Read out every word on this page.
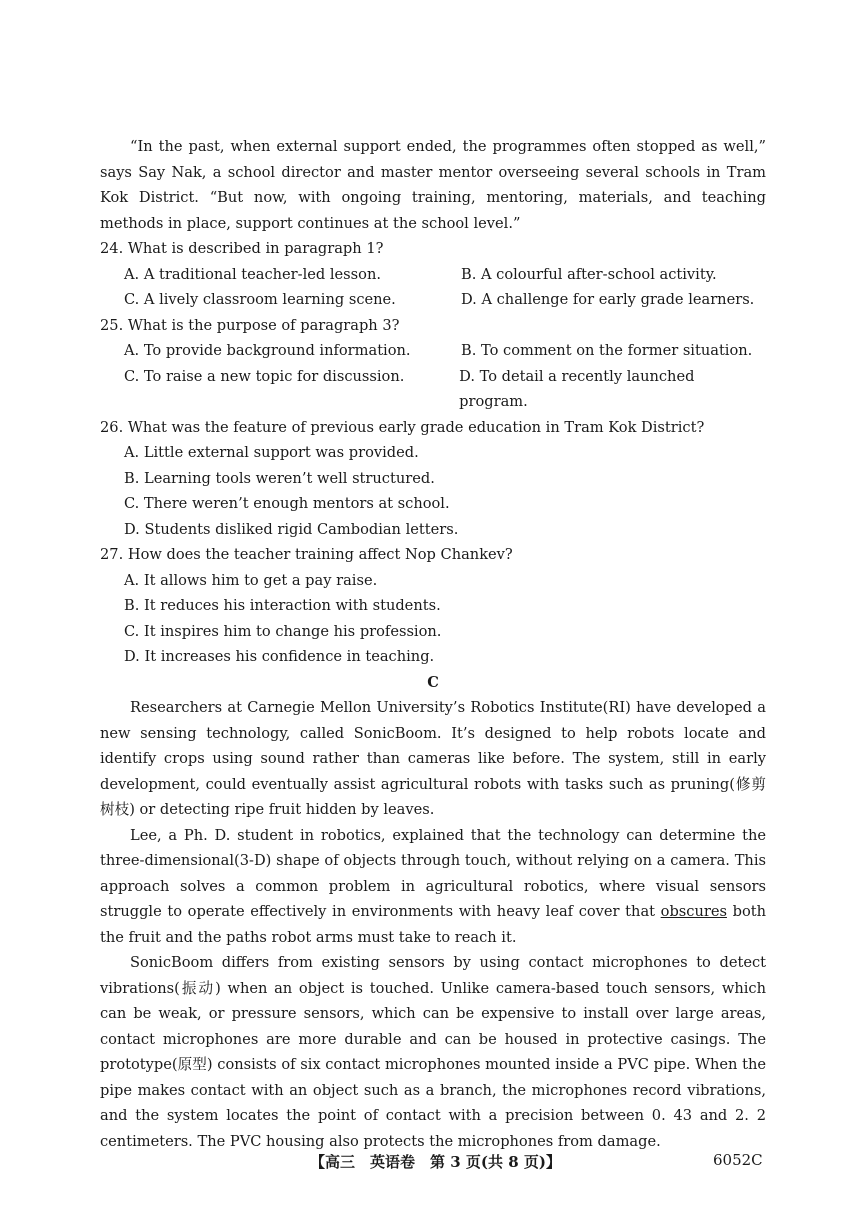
“In the past, when external support ended, the programmes often stopped as well,” says Say Nak, a school director and master mentor overseeing several schools in Tram Kok District. “But now, with ongoing training, mentoring, materials, and teaching methods in place, support continues at the school level.”

24. What is described in paragraph 1?

A. A traditional teacher-led lesson.	B. A colourful after-school activity.
C. A lively classroom learning scene.	D. A challenge for early grade learners.

25. What is the purpose of paragraph 3?

A. To provide background information.	B. To comment on the former situation.
C. To raise a new topic for discussion.	D. To detail a recently launched program.

26. What was the feature of previous early grade education in Tram Kok District?

A. Little external support was provided.

B. Learning tools weren’t well structured.

C. There weren’t enough mentors at school.

D. Students disliked rigid Cambodian letters.

27. How does the teacher training affect Nop Chankev?

A. It allows him to get a pay raise.

B. It reduces his interaction with students.

C. It inspires him to change his profession.

D. It increases his confidence in teaching.

C

Researchers at Carnegie Mellon University’s Robotics Institute(RI) have developed a new sensing technology, called SonicBoom. It’s designed to help robots locate and identify crops using sound rather than cameras like before. The system, still in early development, could eventually assist agricultural robots with tasks such as pruning(修剪树枝) or detecting ripe fruit hidden by leaves.

Lee, a Ph. D. student in robotics, explained that the technology can determine the three-dimensional(3-D) shape of objects through touch, without relying on a camera. This approach solves a common problem in agricultural robotics, where visual sensors struggle to operate effectively in environments with heavy leaf cover that obscures both the fruit and the paths robot arms must take to reach it.

SonicBoom differs from existing sensors by using contact microphones to detect vibrations(振动) when an object is touched. Unlike camera-based touch sensors, which can be weak, or pressure sensors, which can be expensive to install over large areas, contact microphones are more durable and can be housed in protective casings. The prototype(原型) consists of six contact microphones mounted inside a PVC pipe. When the pipe makes contact with an object such as a branch, the microphones record vibrations, and the system locates the point of contact with a precision between 0. 43 and 2. 2 centimeters. The PVC housing also protects the microphones from damage.

【高三　英语卷　第 3 页(共 8 页)】	6052C
